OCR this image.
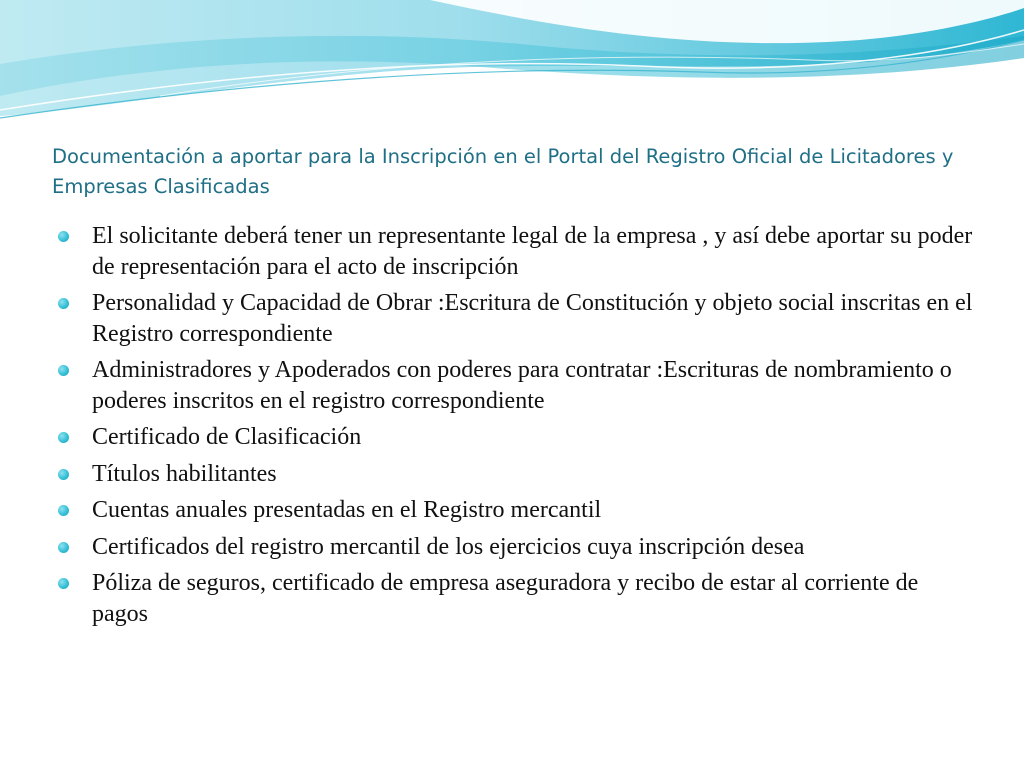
Documentación a aportar para la Inscripción en el Portal del Registro Oficial de Licitadores y Empresas Clasificadas
El solicitante deberá tener un representante legal de la empresa , y así debe aportar su poder de representación para el acto de inscripción
Personalidad y Capacidad de Obrar :Escritura de Constitución y objeto social inscritas en el Registro correspondiente
Administradores y Apoderados con poderes para contratar :Escrituras de nombramiento o poderes inscritos en el registro correspondiente
Certificado de Clasificación
Títulos habilitantes
Cuentas anuales presentadas en el Registro mercantil
Certificados del registro mercantil de los ejercicios cuya inscripción desea
Póliza de seguros, certificado de empresa aseguradora y recibo de estar al corriente de pagos
